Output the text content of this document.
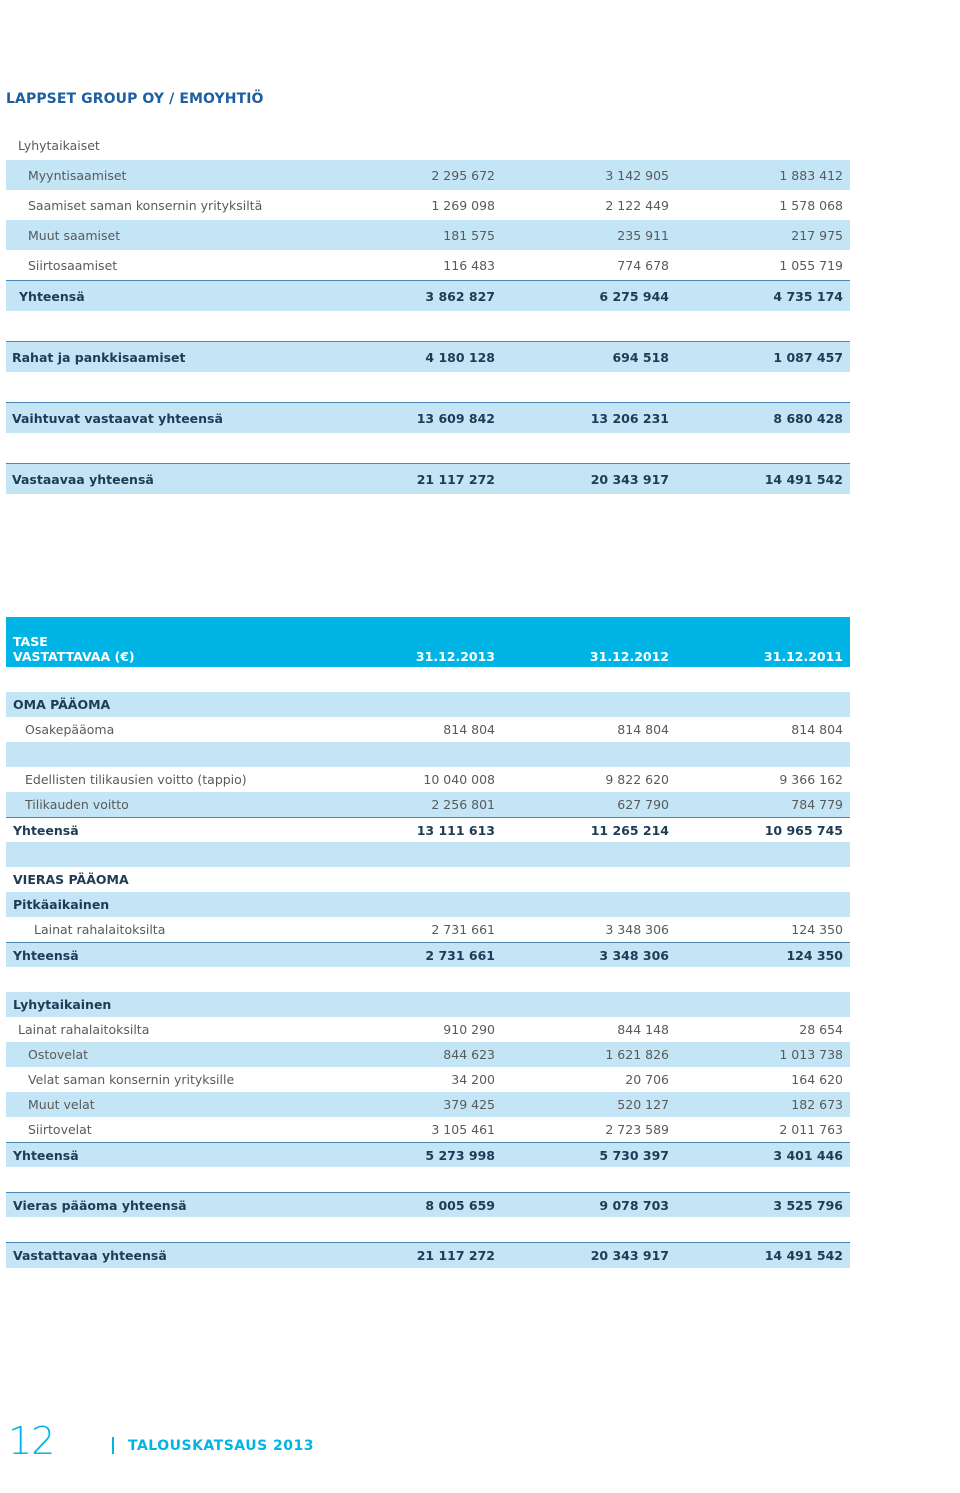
LAPPSET GROUP OY / EMOYHTIÖ
Lyhytaikaiset
Myyntisaamiset	2 295 672	3 142 905	1 883 412
Saamiset saman konsernin yrityksiltä	1 269 098	2 122 449	1 578 068
Muut saamiset	181 575	235 911	217 975
Siirtosaamiset	116 483	774 678	1 055 719
Yhteensä	3 862 827	6 275 944	4 735 174
Rahat ja pankkisaamiset	4 180 128	694 518	1 087 457
Vaihtuvat vastaavat yhteensä	13 609 842	13 206 231	8 680 428
Vastaavaa yhteensä	21 117 272	20 343 917	14 491 542
TASE
VASTATTAVAA (€)	31.12.2013	31.12.2012	31.12.2011
OMA PÄÄOMA
Osakepääoma	814 804	814 804	814 804
Edellisten tilikausien voitto (tappio)	10 040 008	9 822 620	9 366 162
Tilikauden voitto	2 256 801	627 790	784 779
Yhteensä	13 111 613	11 265 214	10 965 745
VIERAS PÄÄOMA
Pitkäaikainen
Lainat rahalaitoksilta	2 731 661	3 348 306	124 350
Yhteensä	2 731 661	3 348 306	124 350
Lyhytaikainen
Lainat rahalaitoksilta	910 290	844 148	28 654
Ostovelat	844 623	1 621 826	1 013 738
Velat saman konsernin yrityksille	34 200	20 706	164 620
Muut velat	379 425	520 127	182 673
Siirtovelat	3 105 461	2 723 589	2 011 763
Yhteensä	5 273 998	5 730 397	3 401 446
Vieras pääoma yhteensä	8 005 659	9 078 703	3 525 796
Vastattavaa yhteensä	21 117 272	20 343 917	14 491 542
12	TALOUSKATSAUS 2013
